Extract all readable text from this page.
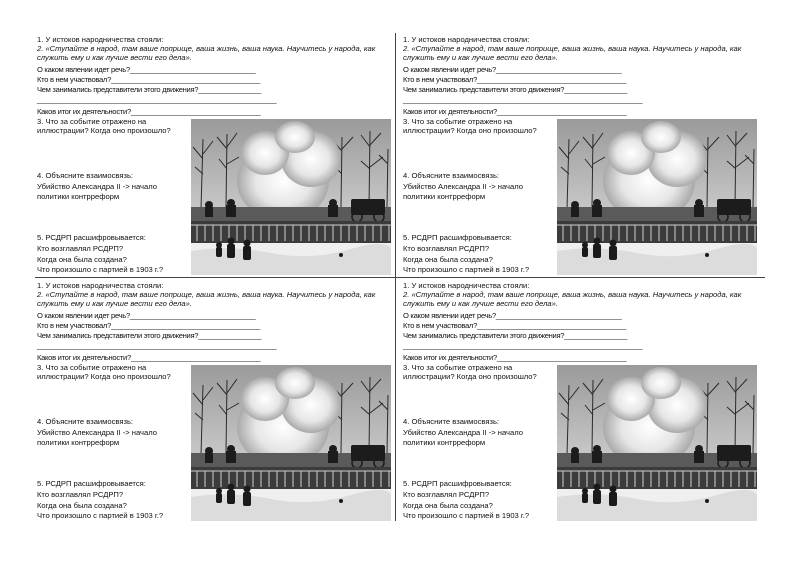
1. У истоков народничества стояли:
2. «Ступайте в народ, там ваше поприще, ваша жизнь, ваша наука. Научитесь у народа, как
служить ему и как лучше вести его дела».
О каком явлении идет речь?________________________________
Кто в нем участвовал?______________________________________
Чем занимались представители этого движения?________________
_____________________________________________________________
Каков итог их деятельности?_________________________________
3. Что за событие отражено на
иллюстрации? Когда оно произошло?
4. Объясните взаимосвязь:
Убийство Александра II -> начало
политики контрреформ
5. РСДРП расшифровывается:
Кто возглавлял РСДРП?
Когда она была создана?
Что произошло с партией в 1903 г.?
1. У истоков народничества стояли:
2. «Ступайте в народ, там ваше поприще, ваша жизнь, ваша наука. Научитесь у народа, как
служить ему и как лучше вести его дела».
О каком явлении идет речь?________________________________
Кто в нем участвовал?______________________________________
Чем занимались представители этого движения?________________
_____________________________________________________________
Каков итог их деятельности?_________________________________
3. Что за событие отражено на
иллюстрации? Когда оно произошло?
4. Объясните взаимосвязь:
Убийство Александра II -> начало
политики контрреформ
5. РСДРП расшифровывается:
Кто возглавлял РСДРП?
Когда она была создана?
Что произошло с партией в 1903 г.?
1. У истоков народничества стояли:
2. «Ступайте в народ, там ваше поприще, ваша жизнь, ваша наука. Научитесь у народа, как
служить ему и как лучше вести его дела».
О каком явлении идет речь?________________________________
Кто в нем участвовал?______________________________________
Чем занимались представители этого движения?________________
_____________________________________________________________
Каков итог их деятельности?_________________________________
3. Что за событие отражено на
иллюстрации? Когда оно произошло?
4. Объясните взаимосвязь:
Убийство Александра II -> начало
политики контрреформ
5. РСДРП расшифровывается:
Кто возглавлял РСДРП?
Когда она была создана?
Что произошло с партией в 1903 г.?
1. У истоков народничества стояли:
2. «Ступайте в народ, там ваше поприще, ваша жизнь, ваша наука. Научитесь у народа, как
служить ему и как лучше вести его дела».
О каком явлении идет речь?________________________________
Кто в нем участвовал?______________________________________
Чем занимались представители этого движения?________________
_____________________________________________________________
Каков итог их деятельности?_________________________________
3. Что за событие отражено на
иллюстрации? Когда оно произошло?
4. Объясните взаимосвязь:
Убийство Александра II -> начало
политики контрреформ
5. РСДРП расшифровывается:
Кто возглавлял РСДРП?
Когда она была создана?
Что произошло с партией в 1903 г.?
